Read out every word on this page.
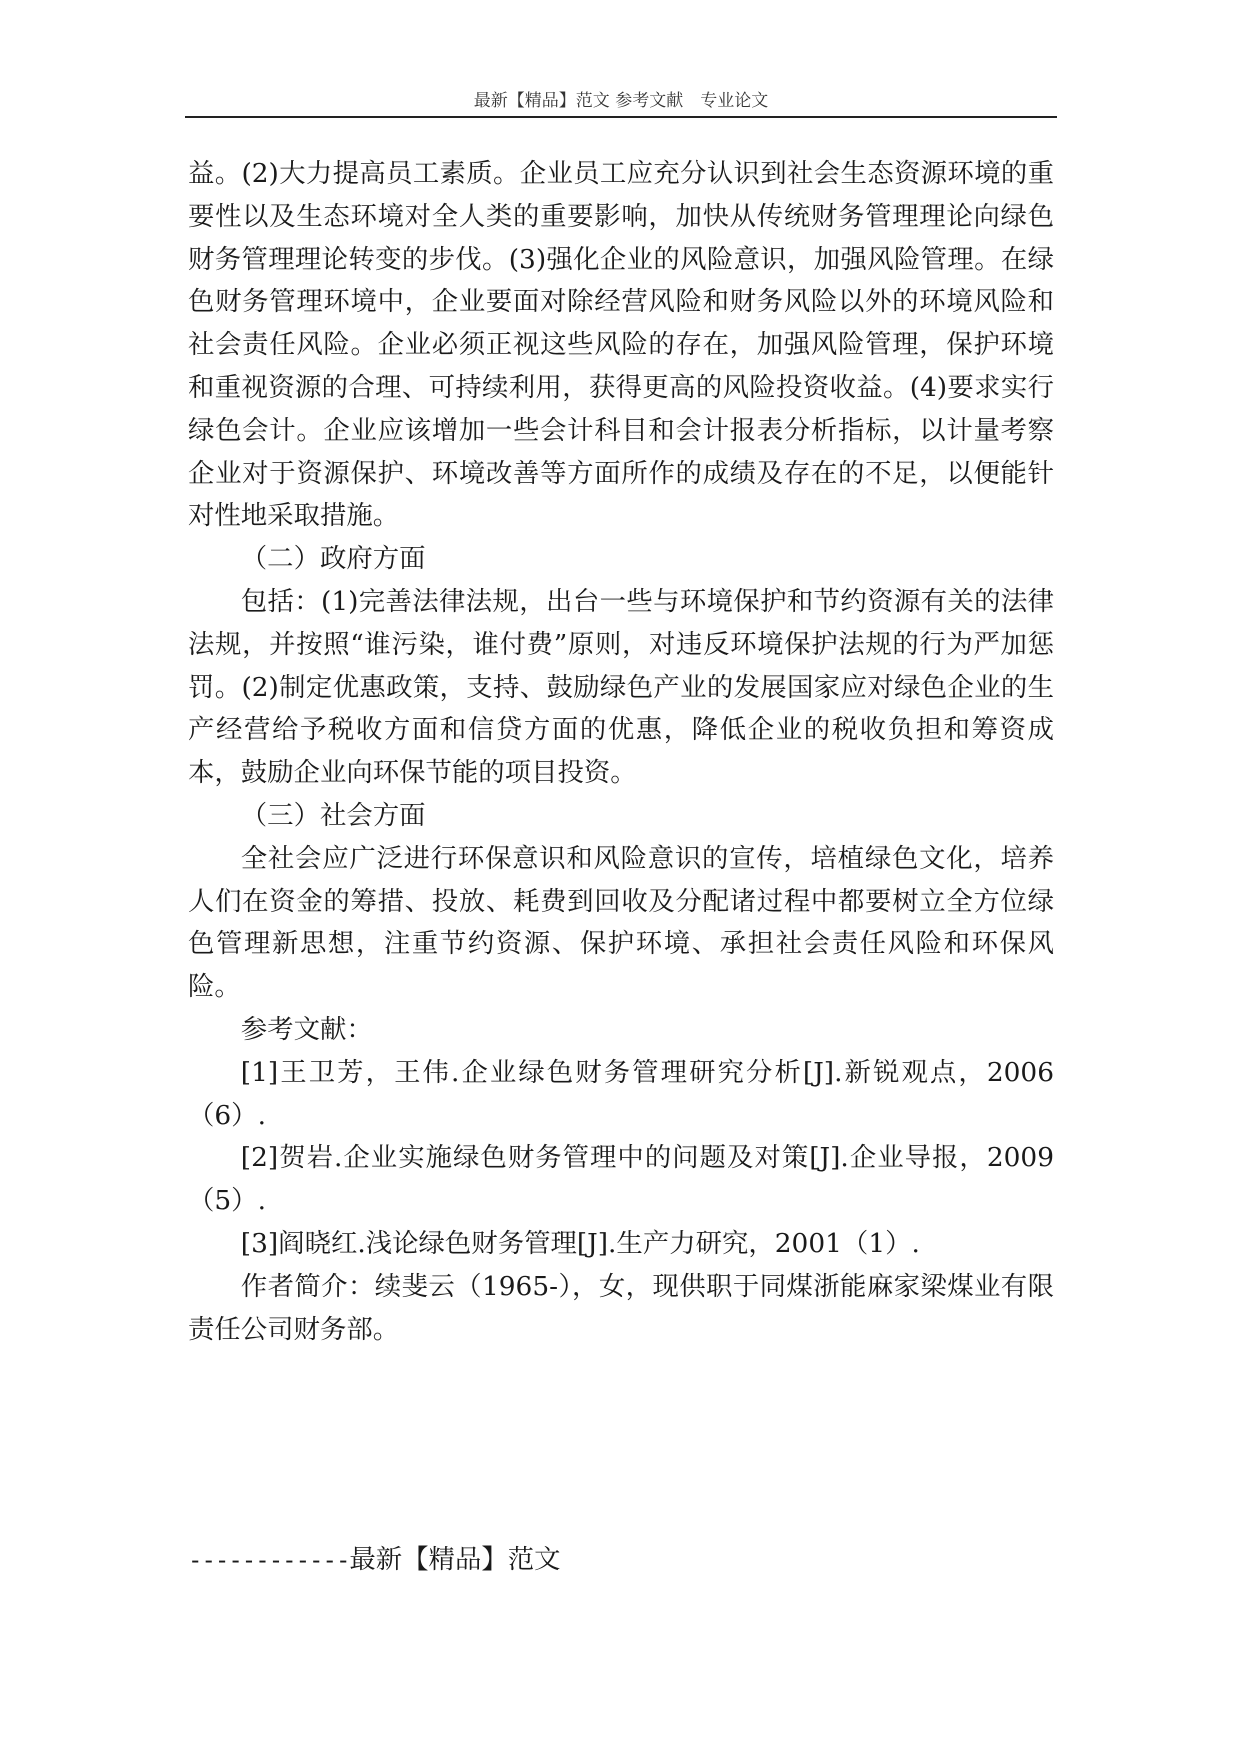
最新【精品】范文 参考文献　专业论文

益。(2)大力提高员工素质。企业员工应充分认识到社会生态资源环境的重要性以及生态环境对全人类的重要影响，加快从传统财务管理理论向绿色财务管理理论转变的步伐。(3)强化企业的风险意识，加强风险管理。在绿色财务管理环境中，企业要面对除经营风险和财务风险以外的环境风险和社会责任风险。企业必须正视这些风险的存在，加强风险管理，保护环境和重视资源的合理、可持续利用，获得更高的风险投资收益。(4)要求实行绿色会计。企业应该增加一些会计科目和会计报表分析指标，以计量考察企业对于资源保护、环境改善等方面所作的成绩及存在的不足，以便能针对性地采取措施。

（二）政府方面

包括：(1)完善法律法规，出台一些与环境保护和节约资源有关的法律法规，并按照“谁污染，谁付费”原则，对违反环境保护法规的行为严加惩罚。(2)制定优惠政策，支持、鼓励绿色产业的发展国家应对绿色企业的生产经营给予税收方面和信贷方面的优惠，降低企业的税收负担和筹资成本，鼓励企业向环保节能的项目投资。

（三）社会方面

全社会应广泛进行环保意识和风险意识的宣传，培植绿色文化，培养人们在资金的筹措、投放、耗费到回收及分配诸过程中都要树立全方位绿色管理新思想，注重节约资源、保护环境、承担社会责任风险和环保风险。

参考文献：

[1]王卫芳，王伟.企业绿色财务管理研究分析[J].新锐观点，2006（6）.

[2]贺岩.企业实施绿色财务管理中的问题及对策[J].企业导报，2009（5）.

[3]阎晓红.浅论绿色财务管理[J].生产力研究，2001（1）.

作者简介：续斐云（1965-），女，现供职于同煤浙能麻家梁煤业有限责任公司财务部。

------------最新【精品】范文
